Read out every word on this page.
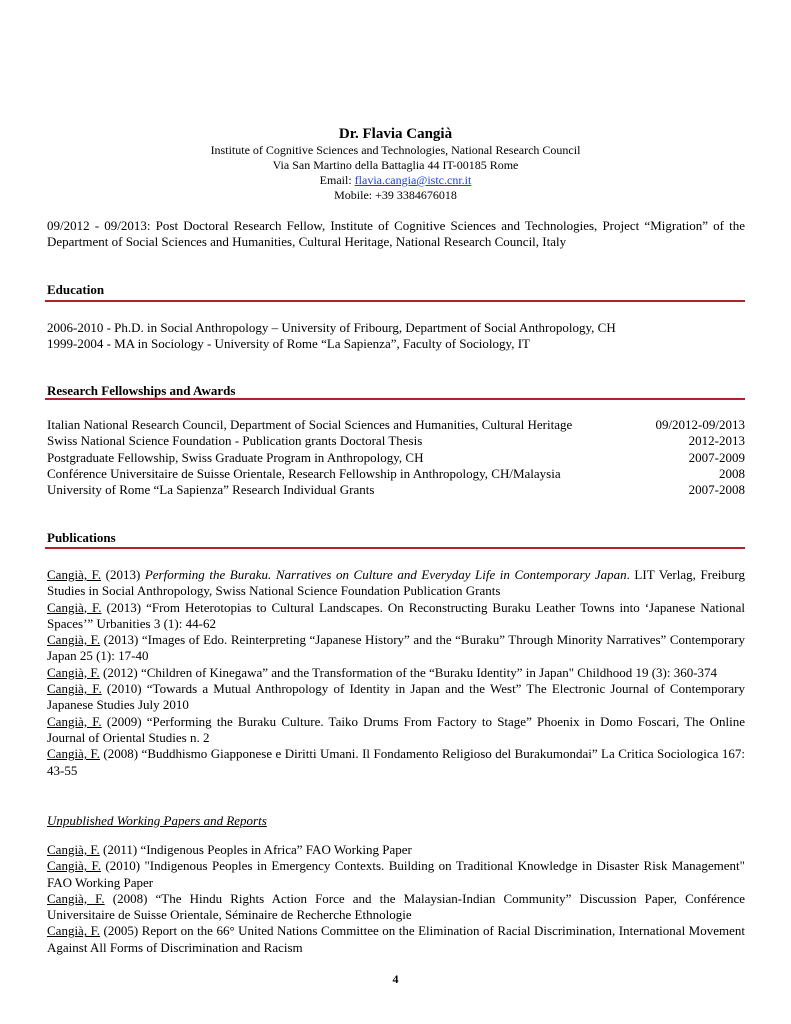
Dr. Flavia Cangià
Institute of Cognitive Sciences and Technologies, National Research Council
Via San Martino della Battaglia 44 IT-00185 Rome
Email: flavia.cangia@istc.cnr.it
Mobile: +39 3384676018
09/2012 - 09/2013: Post Doctoral Research Fellow, Institute of Cognitive Sciences and Technologies, Project “Migration” of the Department of Social Sciences and Humanities, Cultural Heritage, National Research Council, Italy
Education
2006-2010 - Ph.D. in Social Anthropology – University of Fribourg, Department of Social Anthropology, CH
1999-2004 - MA in Sociology - University of Rome “La Sapienza”, Faculty of Sociology, IT
Research Fellowships and Awards
Italian National Research Council, Department of Social Sciences and Humanities, Cultural Heritage	09/2012-09/2013
Swiss National Science Foundation - Publication grants Doctoral Thesis	2012-2013
Postgraduate Fellowship, Swiss Graduate Program in Anthropology, CH	2007-2009
Conférence Universitaire de Suisse Orientale, Research Fellowship in Anthropology, CH/Malaysia	2008
University of Rome “La Sapienza” Research Individual Grants	2007-2008
Publications
Cangià, F. (2013) Performing the Buraku. Narratives on Culture and Everyday Life in Contemporary Japan. LIT Verlag, Freiburg Studies in Social Anthropology, Swiss National Science Foundation Publication Grants
Cangià, F. (2013) “From Heterotopias to Cultural Landscapes. On Reconstructing Buraku Leather Towns into ‘Japanese National Spaces’” Urbanities 3 (1): 44-62
Cangià, F. (2013) “Images of Edo. Reinterpreting “Japanese History” and the “Buraku” Through Minority Narratives” Contemporary Japan 25 (1): 17-40
Cangià, F. (2012) “Children of Kinegawa” and the Transformation of the “Buraku Identity” in Japan" Childhood 19 (3): 360-374
Cangià, F. (2010) “Towards a Mutual Anthropology of Identity in Japan and the West” The Electronic Journal of Contemporary Japanese Studies July 2010
Cangià, F. (2009) “Performing the Buraku Culture. Taiko Drums From Factory to Stage” Phoenix in Domo Foscari, The Online Journal of Oriental Studies n. 2
Cangià, F. (2008) “Buddhismo Giapponese e Diritti Umani. Il Fondamento Religioso del Burakumondai” La Critica Sociologica 167: 43-55
Unpublished Working Papers and Reports
Cangià, F. (2011) “Indigenous Peoples in Africa” FAO Working Paper
Cangià, F. (2010) "Indigenous Peoples in Emergency Contexts. Building on Traditional Knowledge in Disaster Risk Management" FAO Working Paper
Cangià, F. (2008) “The Hindu Rights Action Force and the Malaysian-Indian Community” Discussion Paper, Conférence Universitaire de Suisse Orientale, Séminaire de Recherche Ethnologie
Cangià, F. (2005) Report on the 66° United Nations Committee on the Elimination of Racial Discrimination, International Movement Against All Forms of Discrimination and Racism
4
